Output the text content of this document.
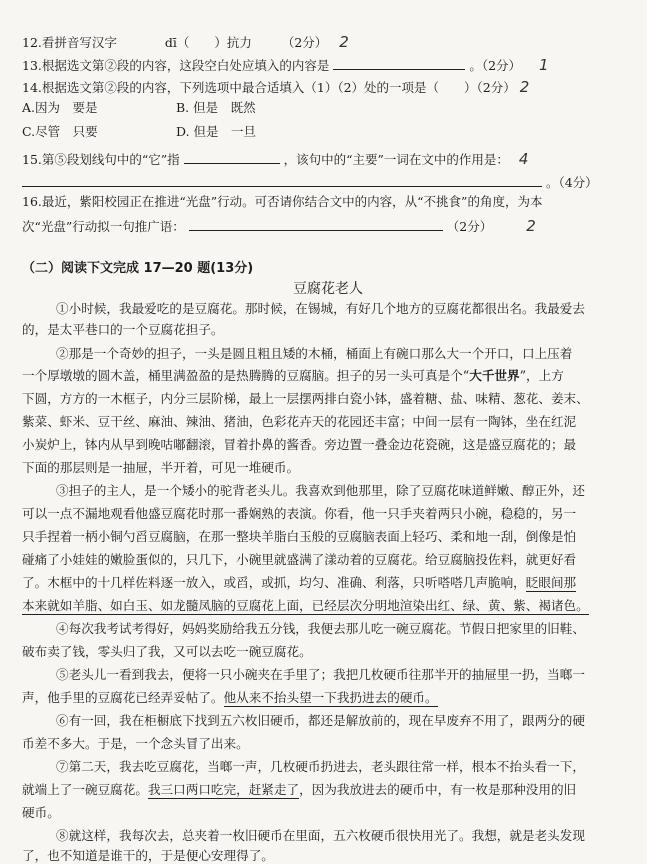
12.看拼音写汉字	dī（　　）抗力 （2分） 2
13.根据选文第②段的内容，这段空白处应填入的内容是	。（2分） 1
14.根据选文第②段的内容，下列选项中最合适填入（1）（2）处的一项是（　　）（2分） 2
A.因为　要是	B. 但是　既然
C.尽管　只要	D. 但是　一旦
15.第⑤段划线句中的“它”指	，该句中的“主要”一词在文中的作用是： 4
。（4分）
16.最近，紫阳校园正在推进“光盘”行动。可否请你结合文中的内容，从“不挑食”的角度，为本
次“光盘”行动拟一句推广语：	（2分） 2
（二）阅读下文完成 17—20 题(13分)
豆腐花老人
①小时候，我最爱吃的是豆腐花。那时候，在锡城，有好几个地方的豆腐花都很出名。我最爱去
的，是太平巷口的一个豆腐花担子。
②那是一个奇妙的担子，一头是圆且粗且矮的木桶，桶面上有碗口那么大一个开口，口上压着
一个厚墩墩的圆木盖，桶里满盈盈的是热腾腾的豆腐脑。担子的另一头可真是个“大千世界”，上方
下圆，方方的一木框子，内分三层阶梯，最上一层摆两排白瓷小钵，盛着糖、盐、味精、葱花、姜末、
紫菜、虾米、豆干丝、麻油、辣油、猪油，色彩花卉天的花园还丰富；中间一层有一陶钵，坐在红泥
小炭炉上，钵内从早到晚咕嘟翻滚，冒着扑鼻的酱香。旁边置一叠金边花瓷碗，这是盛豆腐花的；最
下面的那层则是一抽屉，半开着，可见一堆硬币。
③担子的主人，是一个矮小的驼背老头儿。我喜欢到他那里，除了豆腐花味道鲜嫩、醇正外，还
可以一点不漏地观看他盛豆腐花时那一番娴熟的表演。你看，他一只手夹着两只小碗，稳稳的，另一
只手捏着一柄小铜勺舀豆腐脑，在那一整块羊脂白玉般的豆腐脑表面上轻巧、柔和地一刮，倒像是怕
碰痛了小娃娃的嫩脸蛋似的，只几下，小碗里就盛满了漾动着的豆腐花。给豆腐脑投佐料，就更好看
了。木框中的十几样佐料逐一放入，或舀，或抓，均匀、准确、利落，只听嗒嗒几声脆响，眨眼间那
本来就如羊脂、如白玉、如龙髓凤脑的豆腐花上面，已经层次分明地渲染出红、绿、黄、紫、褐诸色。
④每次我考试考得好，妈妈奖励给我五分钱，我便去那儿吃一碗豆腐花。节假日把家里的旧鞋、
破布卖了钱，零头归了我，又可以去吃一碗豆腐花。
⑤老头儿一看到我去，便将一只小碗夹在手里了；我把几枚硬币往那半开的抽屉里一扔，当啷一
声，他手里的豆腐花已经弄妥帖了。他从来不抬头望一下我扔进去的硬币。
⑥有一回，我在柜橱底下找到五六枚旧硬币，都还是解放前的，现在早废弃不用了，跟两分的硬
币差不多大。于是，一个念头冒了出来。
⑦第二天，我去吃豆腐花，当啷一声，几枚硬币扔进去，老头跟往常一样，根本不抬头看一下，
就端上了一碗豆腐花。我三口两口吃完，赶紧走了，因为我放进去的硬币中，有一枚是那种没用的旧
硬币。
⑧就这样，我每次去，总夹着一枚旧硬币在里面，五六枚硬币很快用光了。我想，就是老头发现
了，也不知道是谁干的，于是便心安理得了。
